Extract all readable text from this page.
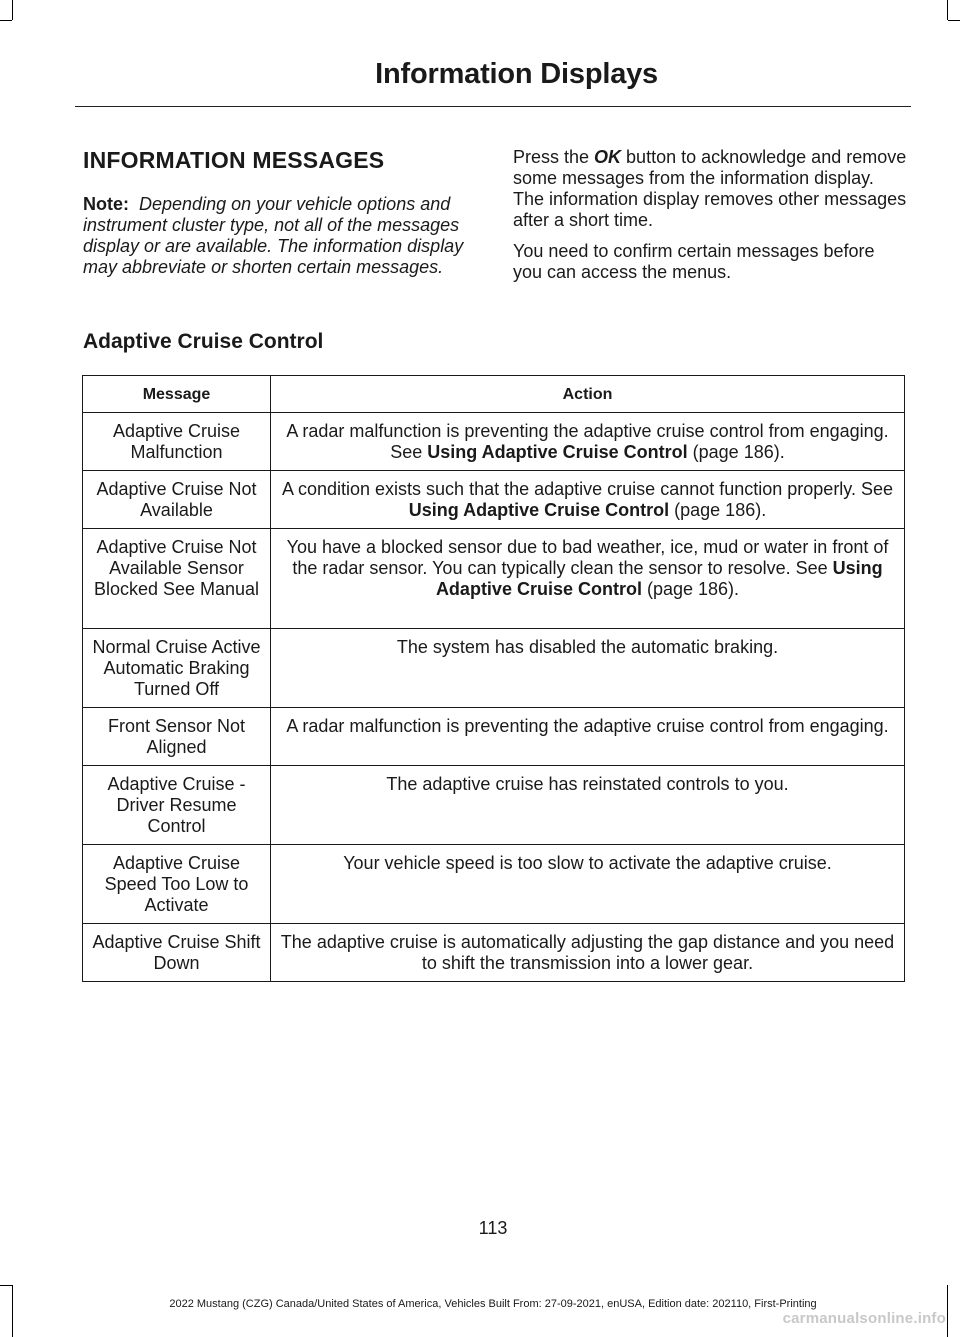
Information Displays
INFORMATION MESSAGES

Note: Depending on your vehicle options and instrument cluster type, not all of the messages display or are available. The information display may abbreviate or shorten certain messages.

Press the OK button to acknowledge and remove some messages from the information display. The information display removes other messages after a short time.

You need to confirm certain messages before you can access the menus.

Adaptive Cruise Control
Message	Action
Adaptive Cruise Malfunction	A radar malfunction is preventing the adaptive cruise control from engaging. See Using Adaptive Cruise Control (page 186).
Adaptive Cruise Not Available	A condition exists such that the adaptive cruise cannot function properly. See Using Adaptive Cruise Control (page 186).
Adaptive Cruise Not Available Sensor Blocked See Manual	You have a blocked sensor due to bad weather, ice, mud or water in front of the radar sensor. You can typically clean the sensor to resolve. See Using Adaptive Cruise Control (page 186).
Normal Cruise Active Automatic Braking Turned Off	The system has disabled the automatic braking.
Front Sensor Not Aligned	A radar malfunction is preventing the adaptive cruise control from engaging.
Adaptive Cruise - Driver Resume Control	The adaptive cruise has reinstated controls to you.
Adaptive Cruise Speed Too Low to Activate	Your vehicle speed is too slow to activate the adaptive cruise.
Adaptive Cruise Shift Down	The adaptive cruise is automatically adjusting the gap distance and you need to shift the transmission into a lower gear.
113
2022 Mustang (CZG) Canada/United States of America, Vehicles Built From: 27-09-2021, enUSA, Edition date: 202110, First-Printing
carmanualsonline.info
